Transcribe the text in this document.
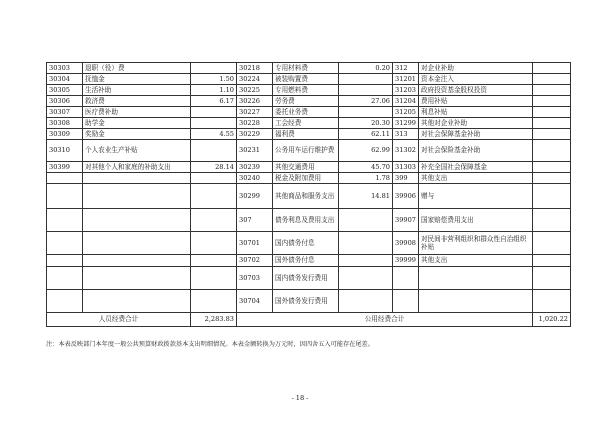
30303	退职（役）费		30218	专用材料费	0.20	312	对企业补助	
30304	抚恤金	1.50	30224	被装购置费		31201	资本金注入	
30305	生活补助	1.10	30225	专用燃料费		31203	政府投资基金股权投资	
30306	救济费	6.17	30226	劳务费	27.06	31204	费用补贴	
30307	医疗费补助		30227	委托业务费		31205	利息补贴	
30308	助学金		30228	工会经费	20.30	31299	其他对企业补助	
30309	奖励金	4.55	30229	福利费	62.11	313	对社会保障基金补助	
30310	个人农业生产补贴		30231	公务用车运行维护费	62.99	31302	对社会保险基金补助	
30399	对其他个人和家庭的补助支出	28.14	30239	其他交通费用	45.70	31303	补充全国社会保障基金	
			30240	税金及附加费用	1.78	399	其他支出	
			30299	其他商品和服务支出	14.81	39906	赠与	
			307	债务利息及费用支出		39907	国家赔偿费用支出	
			30701	国内债务付息		39908	对民间非营利组织和群众性自治组织补贴	
			30702	国外债务付息		39999	其他支出	
			30703	国内债务发行费用				
			30704	国外债务发行费用				
人员经费合计		2,283.83	公用经费合计					1,020.22
注：本表反映部门本年度一般公共预算财政拨款基本支出明细情况。本表金额转换为万元时，因四舍五入可能存在尾差。
- 18 -
